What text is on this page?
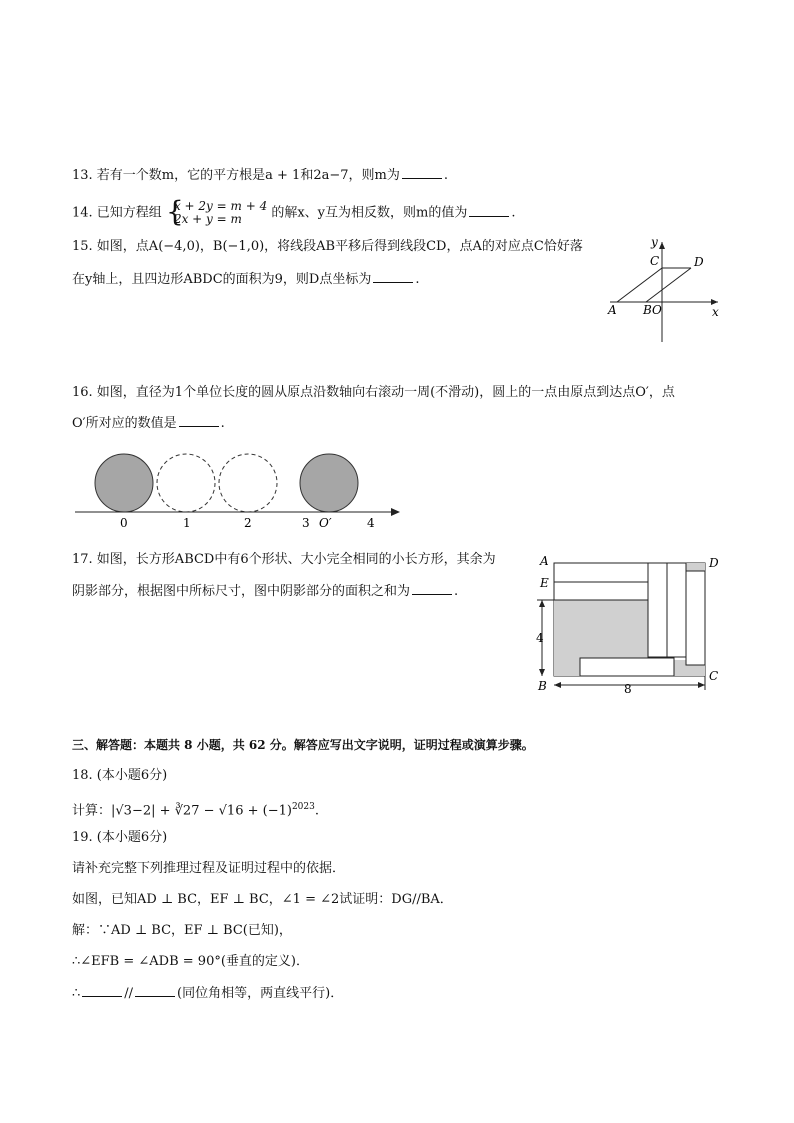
13. 若有一个数m，它的平方根是a + 1和2a−7，则m为	.
14. 已知方程组 {
x + 2y = m + 4
2x + y = m	的解x、y互为相反数，则m的值为	.
15. 如图，点A(−4,0)，B(−1,0)，将线段AB平移后得到线段CD，点A的对应点C恰好落
在y轴上，且四边形ABDC的面积为9，则D点坐标为	.
y
x
C	D
A BO
16. 如图，直径为1个单位长度的圆从原点沿数轴向右滚动一周(不滑动)，圆上的一点由原点到达点O′，点
O′所对应的数值是	.
0	1	2	3 O′	4
17. 如图，长方形ABCD中有6个形状、大小完全相同的小长方形，其余为
阴影部分，根据图中所标尺寸，图中阴影部分的面积之和为	.
A	D
E
B
C
4
8
三、解答题：本题共 8 小题，共 62 分。解答应写出文字说明，证明过程或演算步骤。
18. (本小题6分)
计算：|√3−2| + ∛27 − $√16 + (-1)^{2023}$.
19. (本小题6分)
请补充完整下列推理过程及证明过程中的依据．
如图，已知AD ⊥ BC，EF ⊥ BC，∠1 = ∠2试证明：DG//BA．
解：∵AD ⊥ BC，EF ⊥ BC(已知)，
∴∠EFB = ∠ADB = 90°(垂直的定义)．
∴	//	(同位角相等，两直线平行)．
